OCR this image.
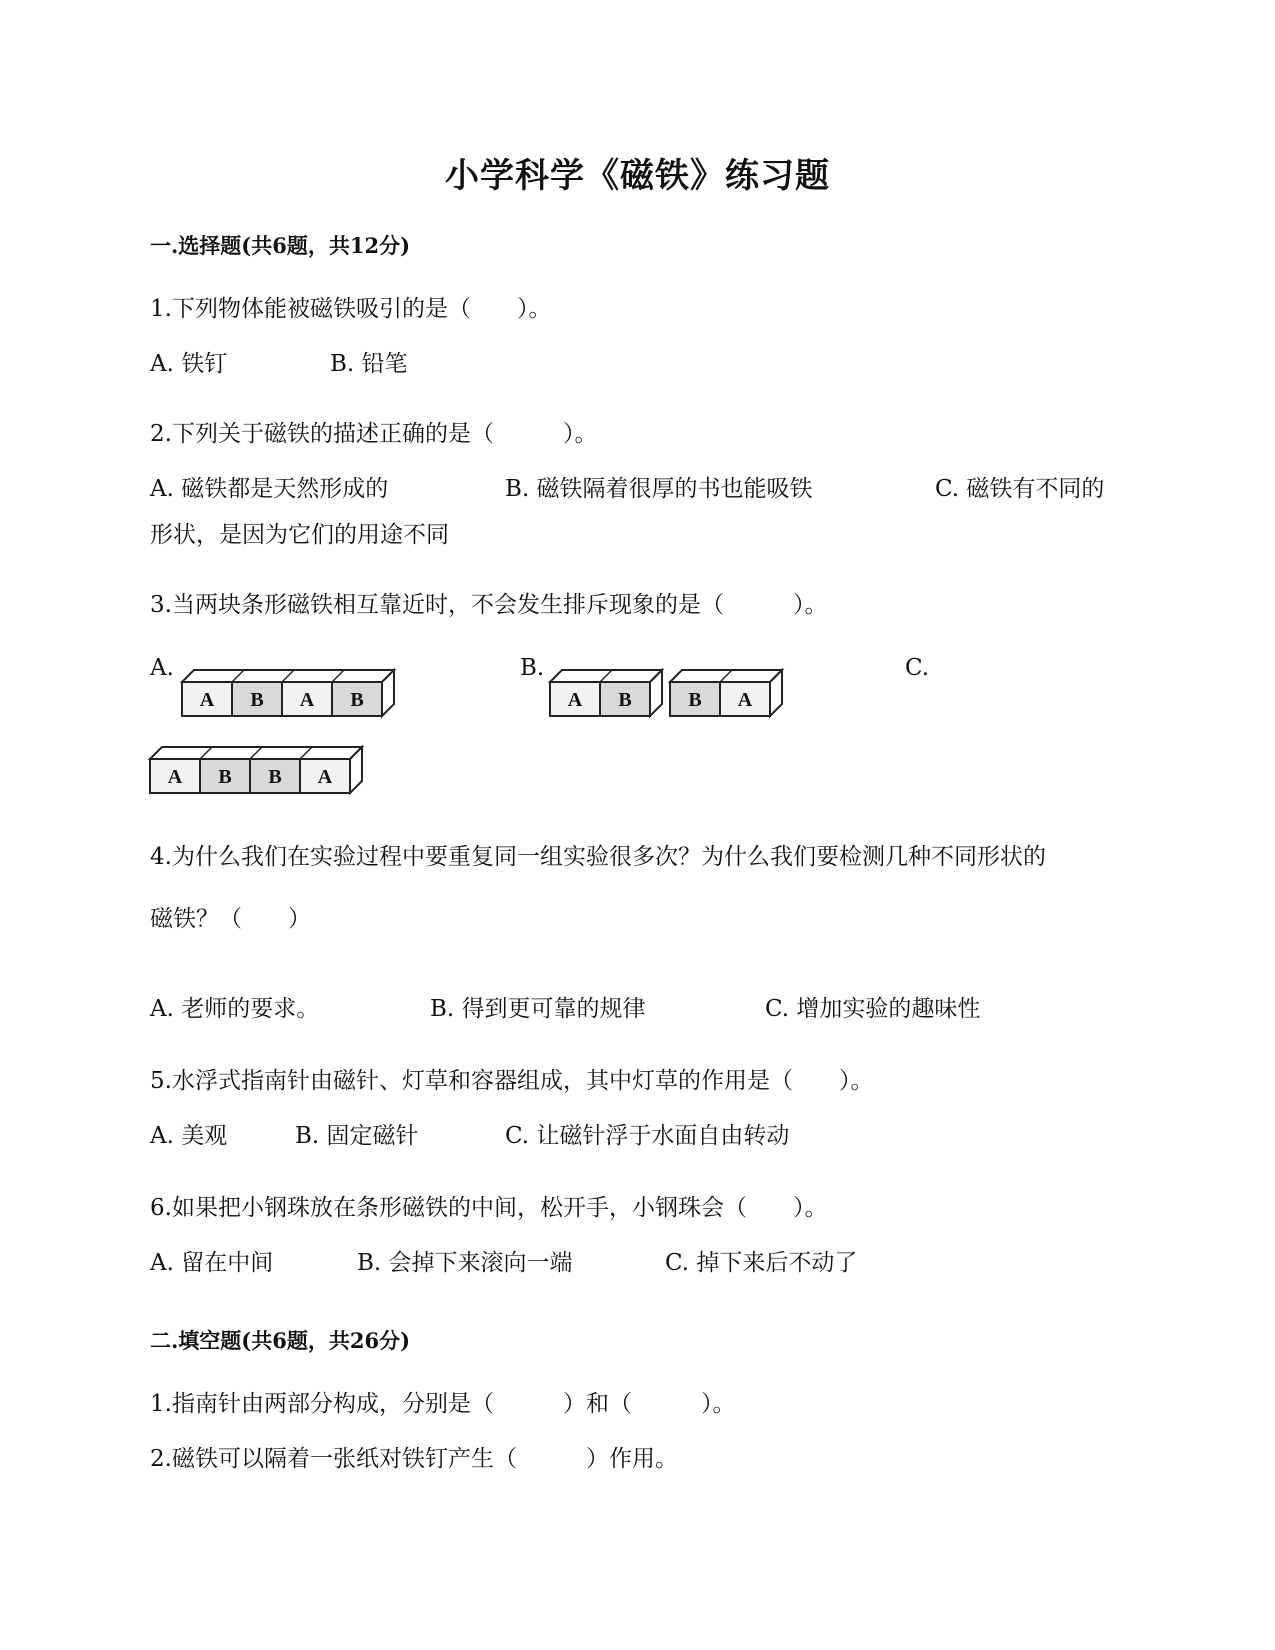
小学科学《磁铁》练习题
一.选择题(共6题，共12分)
1.下列物体能被磁铁吸引的是（　　）。
A. 铁钉	B. 铅笔
2.下列关于磁铁的描述正确的是（　　　）。
A. 磁铁都是天然形成的	B. 磁铁隔着很厚的书也能吸铁	C. 磁铁有不同的
形状，是因为它们的用途不同
3.当两块条形磁铁相互靠近时，不会发生排斥现象的是（　　　）。
A.	B.	C.
A B A B	A B	B A
A B B A
4.为什么我们在实验过程中要重复同一组实验很多次？为什么我们要检测几种不同形状的
磁铁？（　　）
A. 老师的要求。	B. 得到更可靠的规律	C. 增加实验的趣味性
5.水浮式指南针由磁针、灯草和容器组成，其中灯草的作用是（　　）。
A. 美观	B. 固定磁针	C. 让磁针浮于水面自由转动
6.如果把小钢珠放在条形磁铁的中间，松开手，小钢珠会（　　）。
A. 留在中间	B. 会掉下来滚向一端	C. 掉下来后不动了
二.填空题(共6题，共26分)
1.指南针由两部分构成，分别是（　　　）和（　　　）。
2.磁铁可以隔着一张纸对铁钉产生（　　　）作用。
